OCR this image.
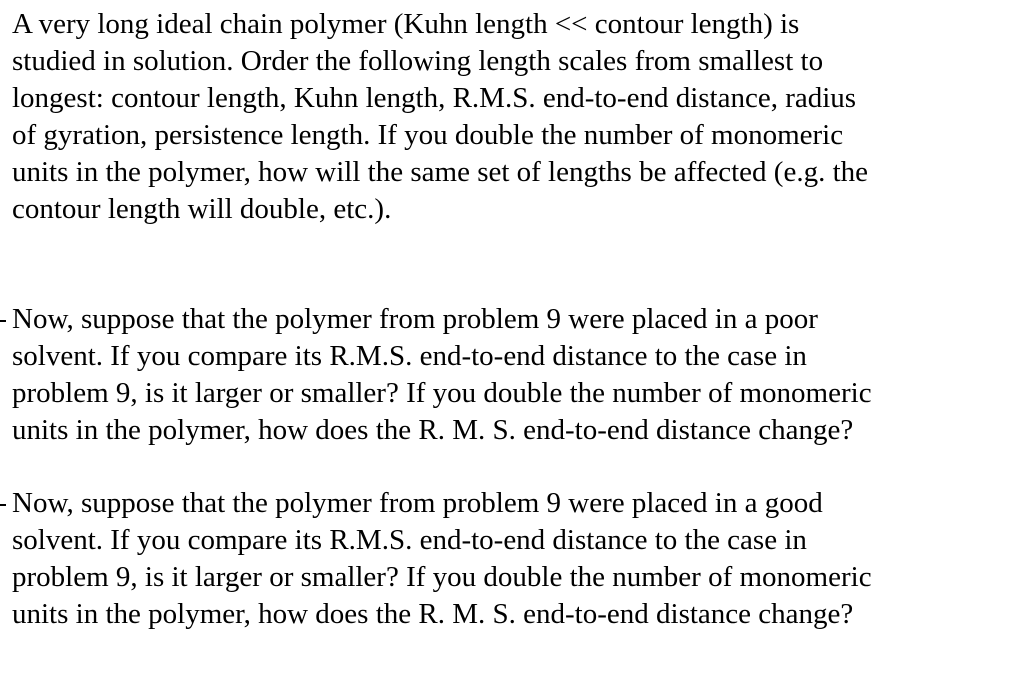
A very long ideal chain polymer (Kuhn length << contour length) is
studied in solution. Order the following length scales from smallest to
longest: contour length, Kuhn length, R.M.S. end-to-end distance, radius
of gyration, persistence length. If you double the number of monomeric
units in the polymer, how will the same set of lengths be affected (e.g. the
contour length will double, etc.).

Now, suppose that the polymer from problem 9 were placed in a poor
solvent. If you compare its R.M.S. end-to-end distance to the case in
problem 9, is it larger or smaller? If you double the number of monomeric
units in the polymer, how does the R. M. S. end-to-end distance change?

Now, suppose that the polymer from problem 9 were placed in a good
solvent. If you compare its R.M.S. end-to-end distance to the case in
problem 9, is it larger or smaller? If you double the number of monomeric
units in the polymer, how does the R. M. S. end-to-end distance change?
